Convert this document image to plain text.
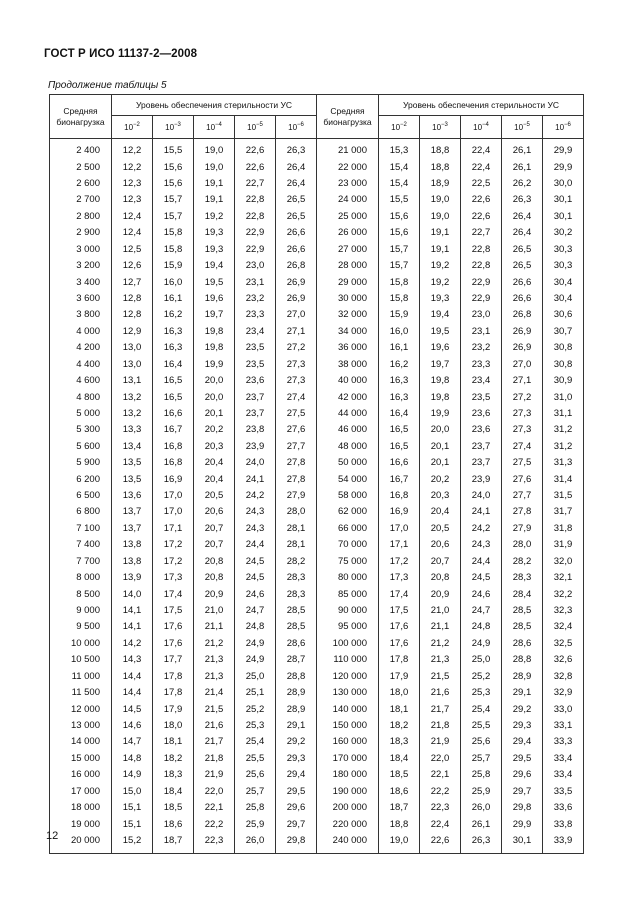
ГОСТ Р ИСО 11137-2—2008
Продолжение таблицы 5
Средняя
бионагрузка	Уровень обеспечения стерильности УС				
	$10^{-2}$	$10^{-3}$	$10^{-4}$	$10^{-5}$	$10^{-6}$
2 400	12,2	15,5	19,0	22,6	26,3
2 500	12,2	15,6	19,0	22,6	26,4
2 600	12,3	15,6	19,1	22,7	26,4
2 700	12,3	15,7	19,1	22,8	26,5
2 800	12,4	15,7	19,2	22,8	26,5
2 900	12,4	15,8	19,3	22,9	26,6
3 000	12,5	15,8	19,3	22,9	26,6
3 200	12,6	15,9	19,4	23,0	26,8
3 400	12,7	16,0	19,5	23,1	26,9
3 600	12,8	16,1	19,6	23,2	26,9
3 800	12,8	16,2	19,7	23,3	27,0
4 000	12,9	16,3	19,8	23,4	27,1
4 200	13,0	16,3	19,8	23,5	27,2
4 400	13,0	16,4	19,9	23,5	27,3
4 600	13,1	16,5	20,0	23,6	27,3
4 800	13,2	16,5	20,0	23,7	27,4
5 000	13,2	16,6	20,1	23,7	27,5
5 300	13,3	16,7	20,2	23,8	27,6
5 600	13,4	16,8	20,3	23,9	27,7
5 900	13,5	16,8	20,4	24,0	27,8
6 200	13,5	16,9	20,4	24,1	27,8
6 500	13,6	17,0	20,5	24,2	27,9
6 800	13,7	17,0	20,6	24,3	28,0
7 100	13,7	17,1	20,7	24,3	28,1
7 400	13,8	17,2	20,7	24,4	28,1
7 700	13,8	17,2	20,8	24,5	28,2
8 000	13,9	17,3	20,8	24,5	28,3
8 500	14,0	17,4	20,9	24,6	28,3
9 000	14,1	17,5	21,0	24,7	28,5
9 500	14,1	17,6	21,1	24,8	28,5
10 000	14,2	17,6	21,2	24,9	28,6
10 500	14,3	17,7	21,3	24,9	28,7
11 000	14,4	17,8	21,3	25,0	28,8
11 500	14,4	17,8	21,4	25,1	28,9
12 000	14,5	17,9	21,5	25,2	28,9
13 000	14,6	18,0	21,6	25,3	29,1
14 000	14,7	18,1	21,7	25,4	29,2
15 000	14,8	18,2	21,8	25,5	29,3
16 000	14,9	18,3	21,9	25,6	29,4
17 000	15,0	18,4	22,0	25,7	29,5
18 000	15,1	18,5	22,1	25,8	29,6
19 000	15,1	18,6	22,2	25,9	29,7
20 000	15,2	18,7	22,3	26,0	29,8
Средняя
бионагрузка	Уровень обеспечения стерильности УС				
	$10^{-2}$	$10^{-3}$	$10^{-4}$	$10^{-5}$	$10^{-6}$
21 000	15,3	18,8	22,4	26,1	29,9
22 000	15,4	18,8	22,4	26,1	29,9
23 000	15,4	18,9	22,5	26,2	30,0
24 000	15,5	19,0	22,6	26,3	30,1
25 000	15,6	19,0	22,6	26,4	30,1
26 000	15,6	19,1	22,7	26,4	30,2
27 000	15,7	19,1	22,8	26,5	30,3
28 000	15,7	19,2	22,8	26,5	30,3
29 000	15,8	19,2	22,9	26,6	30,4
30 000	15,8	19,3	22,9	26,6	30,4
32 000	15,9	19,4	23,0	26,8	30,6
34 000	16,0	19,5	23,1	26,9	30,7
36 000	16,1	19,6	23,2	26,9	30,8
38 000	16,2	19,7	23,3	27,0	30,8
40 000	16,3	19,8	23,4	27,1	30,9
42 000	16,3	19,8	23,5	27,2	31,0
44 000	16,4	19,9	23,6	27,3	31,1
46 000	16,5	20,0	23,6	27,3	31,2
48 000	16,5	20,1	23,7	27,4	31,2
50 000	16,6	20,1	23,7	27,5	31,3
54 000	16,7	20,2	23,9	27,6	31,4
58 000	16,8	20,3	24,0	27,7	31,5
62 000	16,9	20,4	24,1	27,8	31,7
66 000	17,0	20,5	24,2	27,9	31,8
70 000	17,1	20,6	24,3	28,0	31,9
75 000	17,2	20,7	24,4	28,2	32,0
80 000	17,3	20,8	24,5	28,3	32,1
85 000	17,4	20,9	24,6	28,4	32,2
90 000	17,5	21,0	24,7	28,5	32,3
95 000	17,6	21,1	24,8	28,5	32,4
100 000	17,6	21,2	24,9	28,6	32,5
110 000	17,8	21,3	25,0	28,8	32,6
120 000	17,9	21,5	25,2	28,9	32,8
130 000	18,0	21,6	25,3	29,1	32,9
140 000	18,1	21,7	25,4	29,2	33,0
150 000	18,2	21,8	25,5	29,3	33,1
160 000	18,3	21,9	25,6	29,4	33,3
170 000	18,4	22,0	25,7	29,5	33,4
180 000	18,5	22,1	25,8	29,6	33,4
190 000	18,6	22,2	25,9	29,7	33,5
200 000	18,7	22,3	26,0	29,8	33,6
220 000	18,8	22,4	26,1	29,9	33,8
240 000	19,0	22,6	26,3	30,1	33,9
12
